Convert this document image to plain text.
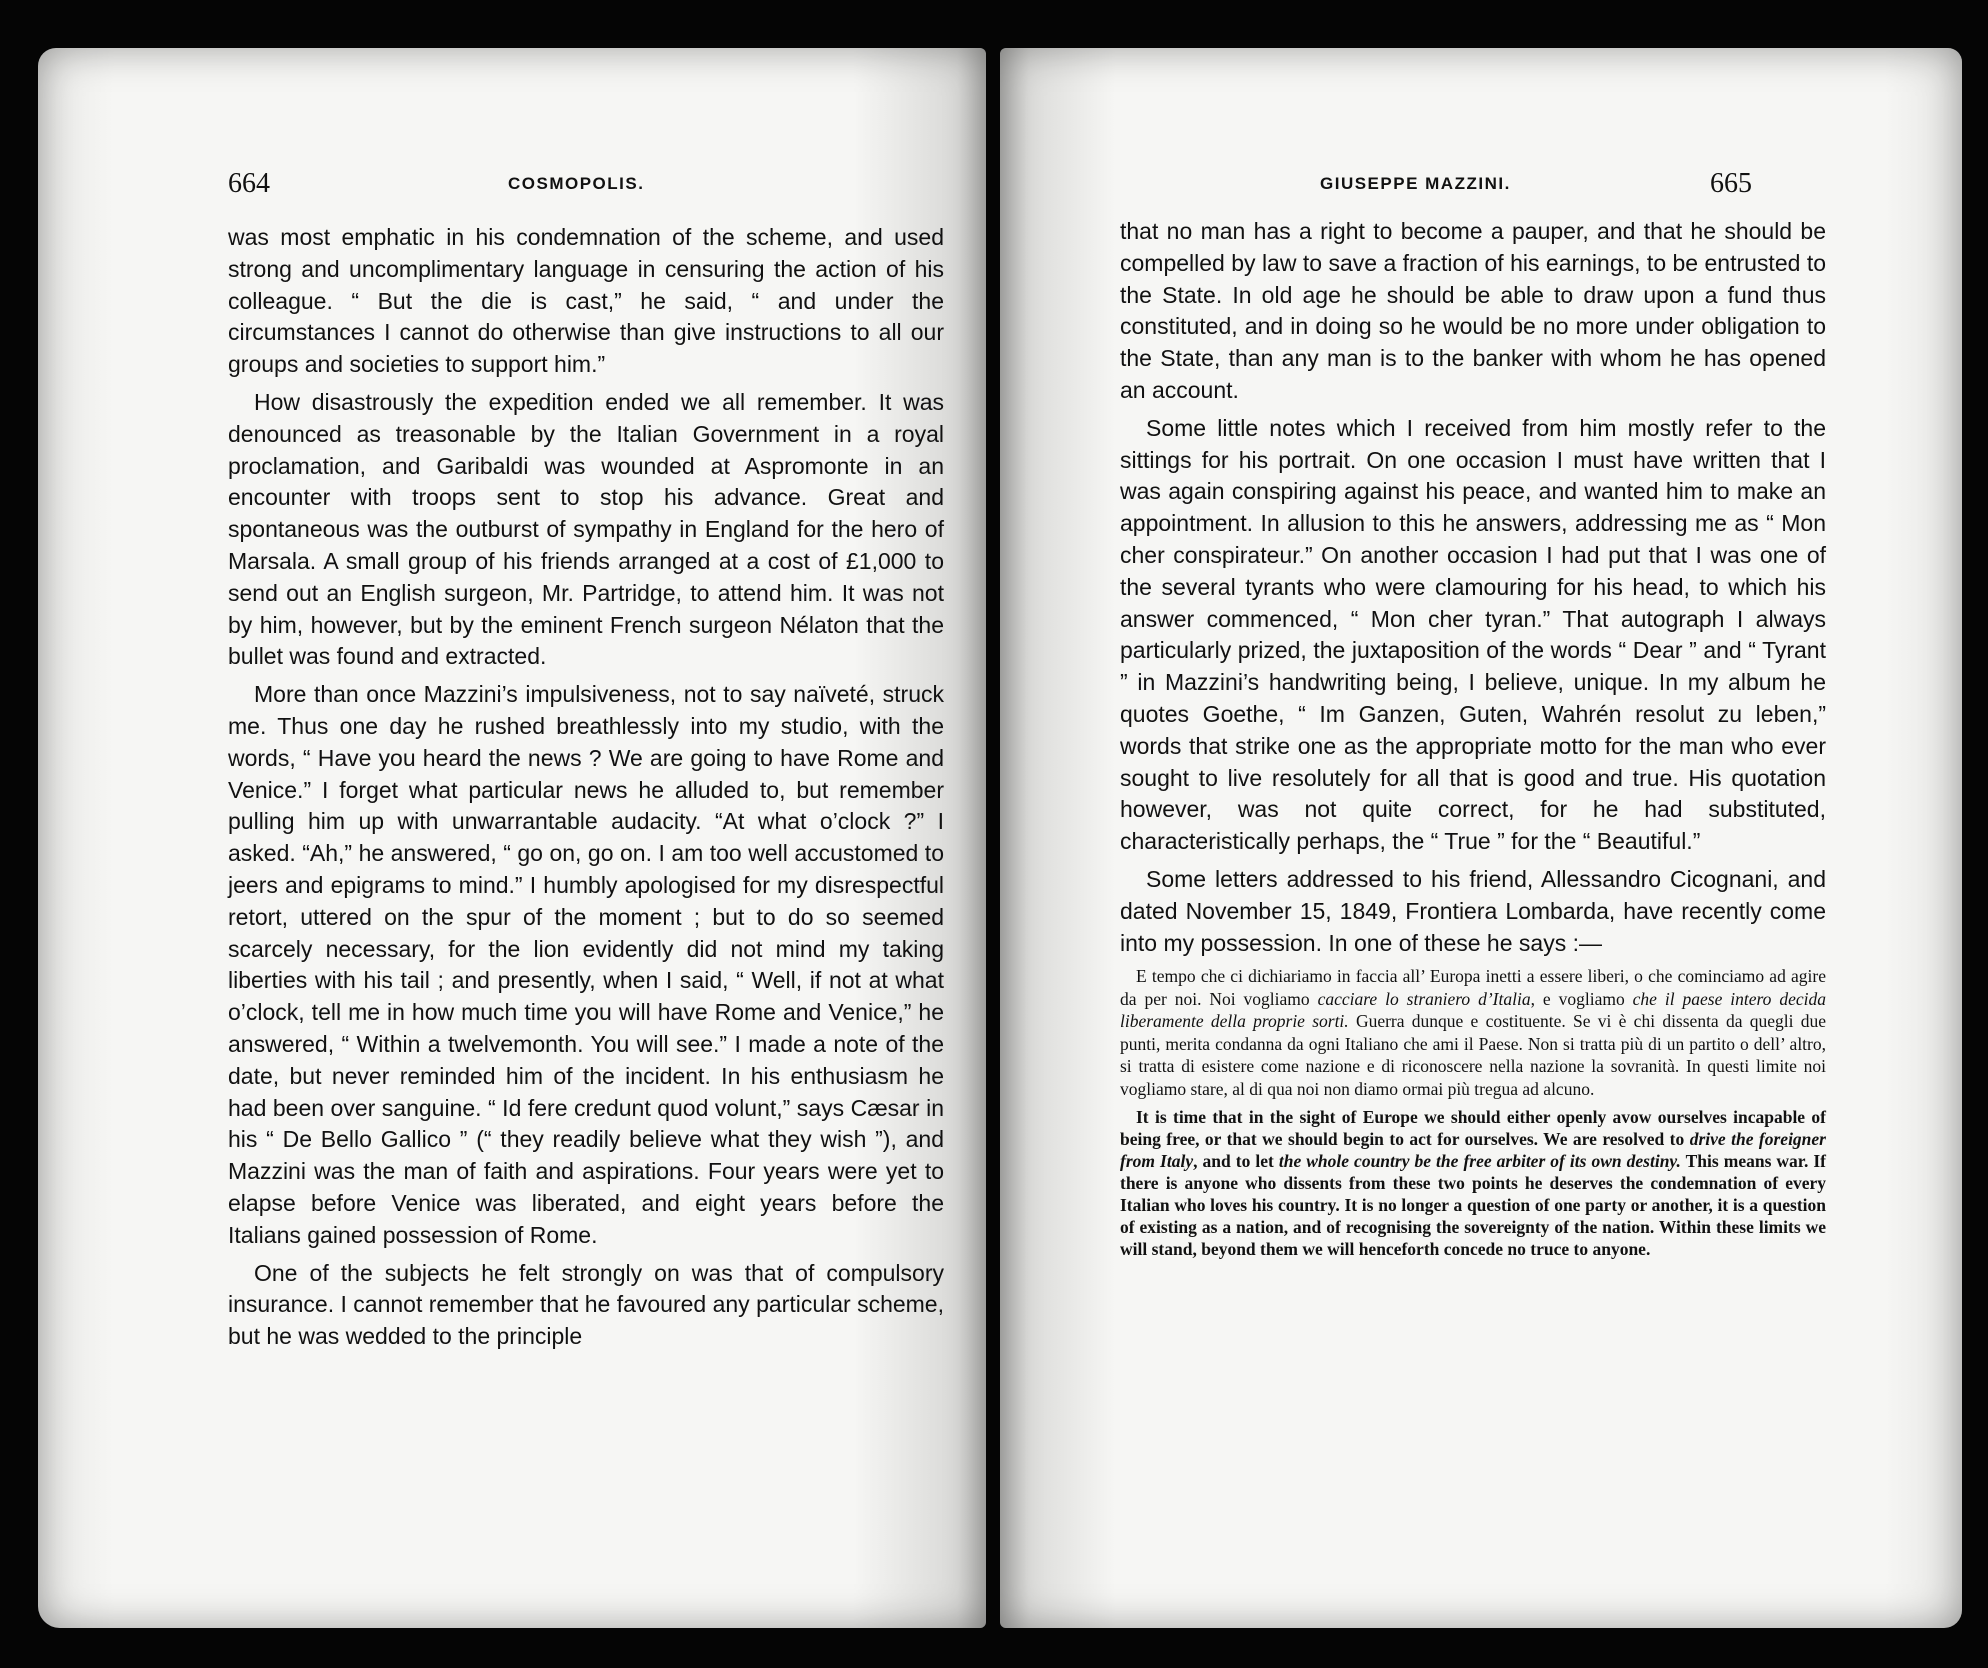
664	COSMOPOLIS.

was most emphatic in his condemnation of the scheme, and used strong and uncomplimentary language in censuring the action of his colleague. “ But the die is cast,” he said, “ and under the circumstances I cannot do otherwise than give instructions to all our groups and societies to support him.”

How disastrously the expedition ended we all remember. It was denounced as treasonable by the Italian Government in a royal proclamation, and Garibaldi was wounded at Aspromonte in an encounter with troops sent to stop his advance. Great and spontaneous was the outburst of sympathy in England for the hero of Marsala. A small group of his friends arranged at a cost of £1,000 to send out an English surgeon, Mr. Partridge, to attend him. It was not by him, however, but by the eminent French surgeon Nélaton that the bullet was found and extracted.

More than once Mazzini’s impulsiveness, not to say naïveté, struck me. Thus one day he rushed breathlessly into my studio, with the words, “ Have you heard the news ? We are going to have Rome and Venice.” I forget what particular news he alluded to, but remember pulling him up with unwarrantable audacity. “At what o’clock ?” I asked. “Ah,” he answered, “ go on, go on. I am too well accustomed to jeers and epigrams to mind.” I humbly apologised for my disrespectful retort, uttered on the spur of the moment ; but to do so seemed scarcely necessary, for the lion evidently did not mind my taking liberties with his tail ; and presently, when I said, “ Well, if not at what o’clock, tell me in how much time you will have Rome and Venice,” he answered, “ Within a twelvemonth. You will see.” I made a note of the date, but never reminded him of the incident. In his enthusiasm he had been over sanguine. “ Id fere credunt quod volunt,” says Cæsar in his “ De Bello Gallico ” (“ they readily believe what they wish ”), and Mazzini was the man of faith and aspirations. Four years were yet to elapse before Venice was liberated, and eight years before the Italians gained possession of Rome.

One of the subjects he felt strongly on was that of compulsory insurance. I cannot remember that he favoured any particular scheme, but he was wedded to the principle

GIUSEPPE MAZZINI.	665

that no man has a right to become a pauper, and that he should be compelled by law to save a fraction of his earnings, to be entrusted to the State. In old age he should be able to draw upon a fund thus constituted, and in doing so he would be no more under obligation to the State, than any man is to the banker with whom he has opened an account.

Some little notes which I received from him mostly refer to the sittings for his portrait. On one occasion I must have written that I was again conspiring against his peace, and wanted him to make an appointment. In allusion to this he answers, addressing me as “ Mon cher conspirateur.” On another occasion I had put that I was one of the several tyrants who were clamouring for his head, to which his answer commenced, “ Mon cher tyran.” That autograph I always particularly prized, the juxtaposition of the words “ Dear ” and “ Tyrant ” in Mazzini’s handwriting being, I believe, unique. In my album he quotes Goethe, “ Im Ganzen, Guten, Wahrén resolut zu leben,” words that strike one as the appropriate motto for the man who ever sought to live resolutely for all that is good and true. His quotation however, was not quite correct, for he had substituted, characteristically perhaps, the “ True ” for the “ Beautiful.”

Some letters addressed to his friend, Allessandro Cicognani, and dated November 15, 1849, Frontiera Lombarda, have recently come into my possession. In one of these he says :—

E tempo che ci dichiariamo in faccia all’ Europa inetti a essere liberi, o che cominciamo ad agire da per noi. Noi vogliamo cacciare lo straniero d’Italia, e vogliamo che il paese intero decida liberamente della proprie sorti. Guerra dunque e costituente. Se vi è chi dissenta da quegli due punti, merita condanna da ogni Italiano che ami il Paese. Non si tratta più di un partito o dell’ altro, si tratta di esistere come nazione e di riconoscere nella nazione la sovranità. In questi limite noi vogliamo stare, al di qua noi non diamo ormai più tregua ad alcuno.

It is time that in the sight of Europe we should either openly avow ourselves incapable of being free, or that we should begin to act for ourselves. We are resolved to drive the foreigner from Italy, and to let the whole country be the free arbiter of its own destiny. This means war. If there is anyone who dissents from these two points he deserves the condemnation of every Italian who loves his country. It is no longer a question of one party or another, it is a question of existing as a nation, and of recognising the sovereignty of the nation. Within these limits we will stand, beyond them we will henceforth concede no truce to anyone.
